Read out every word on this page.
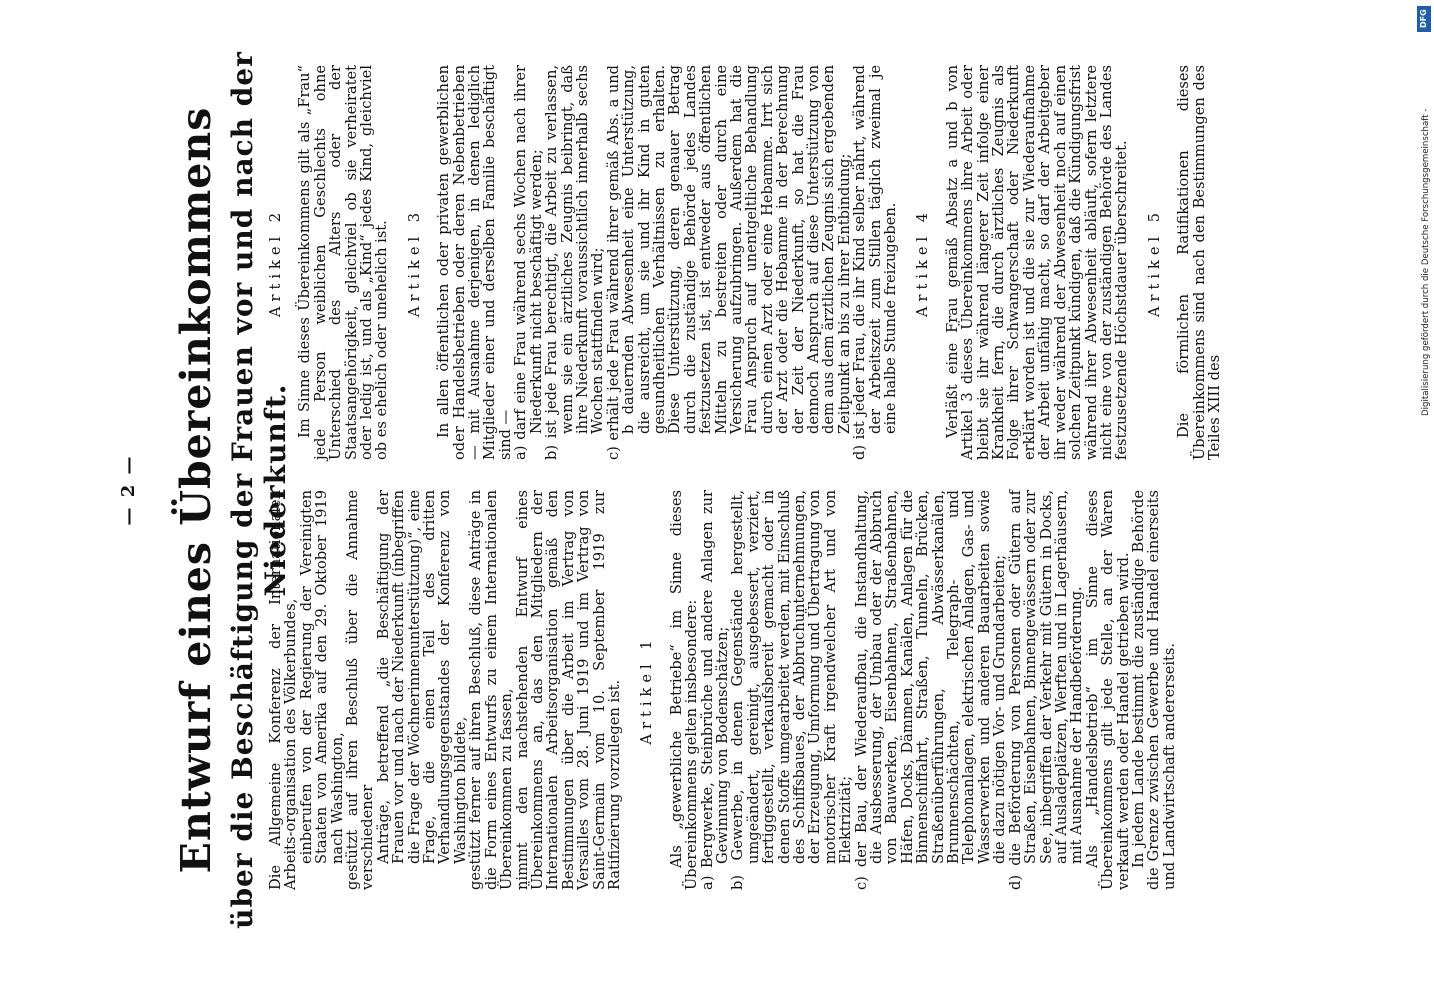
DFG
Digitalisierung gefördert durch die Deutsche Forschungsgemeinschaft -
— 2 — Entwurf eines Übereinkommens über die Beschäftigung der Frauen vor und nach der Niederkunft.

Die Allgemeine Konferenz der Internationalen Arbeits-organisation des Völkerbundes,

einberufen von der Regierung der Vereinigten Staaten von Amerika auf den 29. Oktober 1919 nach Washington,

gestützt auf ihren Beschluß über die Annahme verschiedener

Anträge, betreffend „die Beschäftigung der Frauen vor und nach der Niederkunft (inbegriffen die Frage der Wöchnerinnenunterstützung)“, eine Frage, die einen Teil des dritten Verhandlungsgegenstandes der Konferenz von Washington bildete,

gestützt ferner auf ihren Beschluß, diese Anträge in die Form eines Entwurfs zu einem Internationalen Übereinkommen zu fassen,

nimmt den nachstehenden Entwurf eines Übereinkommens an, das den Mitgliedern der Internationalen Arbeitsorganisation gemäß den Bestimmungen über die Arbeit im Vertrag von Versailles vom 28. Juni 1919 und im Vertrag von Saint-Germain vom 10. September 1919 zur Ratifizierung vorzulegen ist. Artikel 1 Als „gewerbliche Betriebe“ im Sinne dieses Übereinkommens gelten insbesondere:

a) Bergwerke, Steinbrüche und andere Anlagen zur Gewinnung von Bodenschätzen;

b) Gewerbe, in denen Gegenstände hergestellt, umgeändert, gereinigt, ausgebessert, verziert, fertiggestellt, verkaufsbereit gemacht oder in denen Stoffe umgearbeitet werden, mit Einschluß des Schiffsbaues, der Abbruchunternehmungen, der Erzeugung, Umformung und Übertragung von motorischer Kraft irgendwelcher Art und von Elektrizität;

c) der Bau, der Wiederaufbau, die Instandhaltung, die Ausbesserung, der Umbau oder der Abbruch von Bauwerken, Eisenbahnen, Straßenbahnen, Häfen, Docks, Dämmen, Kanälen, Anlagen für die Binnenschiffahrt, Straßen, Tunneln, Brücken, Straßenüberführungen, Abwässerkanälen, Brunnenschächten, Telegraph- und Telephonanlagen, elektrischen Anlagen, Gas- und Wasserwerken und anderen Bauarbeiten sowie die dazu nötigen Vor- und Grundarbeiten;

d) die Beförderung von Personen oder Gütern auf Straßen, Eisenbahnen, Binnengewässern oder zur See, inbegriffen der Verkehr mit Gütern in Docks, auf Ausladeplätzen, Werften und in Lagerhäusern, mit Ausnahme der Handbeförderung.

Als „Handelsbetrieb“ im Sinne dieses Übereinkommens gilt jede Stelle, an der Waren verkauft werden oder Handel getrieben wird.

In jedem Lande bestimmt die zuständige Behörde die Grenze zwischen Gewerbe und Handel einerseits und Landwirtschaft andererseits.

Artikel 2 Im Sinne dieses Übereinkommens gilt als „Frau“ jede Person weiblichen Geschlechts ohne Unterschied des Alters oder der Staatsangehörigkeit, gleichviel ob sie verheiratet oder ledig ist, und als „Kind“ jedes Kind, gleichviel ob es ehelich oder unehelich ist. Artikel 3 In allen öffentlichen oder privaten gewerblichen oder Handelsbetrieben oder deren Nebenbetrieben — mit Ausnahme derjenigen, in denen lediglich Mitglieder einer und derselben Familie beschäftigt sind —

a) darf eine Frau während sechs Wochen nach ihrer Niederkunft nicht beschäftigt werden;

b) ist jede Frau berechtigt, die Arbeit zu verlassen, wenn sie ein ärztliches Zeugnis beibringt, daß ihre Niederkunft voraussichtlich innerhalb sechs Wochen stattfinden wird;

c) erhält jede Frau während ihrer gemäß Abs. a und b dauernden Abwesenheit eine Unterstützung, die ausreicht, um sie und ihr Kind in guten gesundheitlichen Verhältnissen zu erhalten. Diese Unterstützung, deren genauer Betrag durch die zuständige Behörde jedes Landes festzusetzen ist, ist entweder aus öffentlichen Mitteln zu bestreiten oder durch eine Versicherung aufzubringen. Außerdem hat die Frau Anspruch auf unentgeltliche Behandlung durch einen Arzt oder eine Hebamme. Irrt sich der Arzt oder die Hebamme in der Berechnung der Zeit der Niederkunft, so hat die Frau dennoch Anspruch auf diese Unterstützung von dem aus dem ärztlichen Zeugnis sich ergebenden Zeitpunkt an bis zu ihrer Entbindung;

d) ist jeder Frau, die ihr Kind selber nährt, während der Arbeitszeit zum Stillen täglich zweimal je eine halbe Stunde freizugeben. Artikel 4 Verläßt eine Frau gemäß Absatz a und b von Artikel 3 dieses Übereinkommens ihre Arbeit oder bleibt sie ihr während längerer Zeit infolge einer Krankheit fern, die durch ärztliches Zeugnis als Folge ihrer Schwangerschaft oder Niederkunft erklärt worden ist und die sie zur Wiederaufnahme der Arbeit unfähig macht, so darf der Arbeitgeber ihr weder während der Abwesenheit noch auf einen solchen Zeitpunkt kündigen, daß die Kündigungsfrist während ihrer Abwesenheit abläuft, sofern letztere nicht eine von der zuständigen Behörde des Landes festzusetzende Höchstdauer überschreitet. Artikel 5 Die förmlichen Ratifikationen dieses Übereinkommens sind nach den Bestimmungen des Teiles XIII des
